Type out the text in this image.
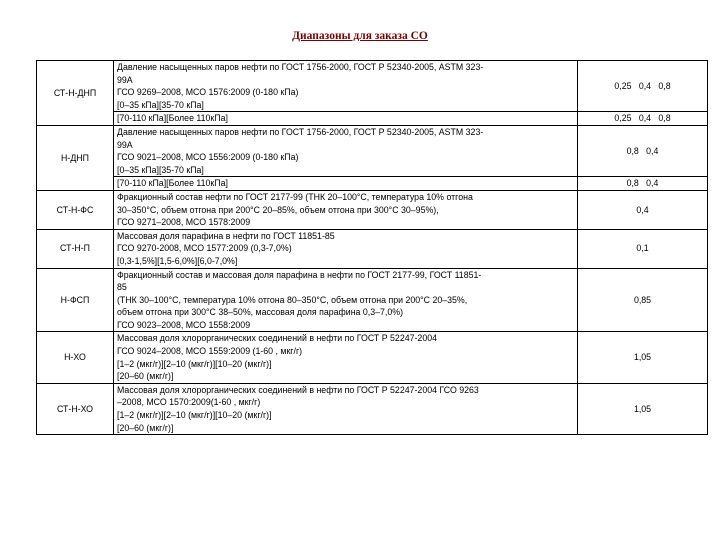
Диапазоны для заказа СО
СТ-Н-ДНП	Давление насыщенных паров нефти по ГОСТ 1756-2000, ГОСТ Р 52340-2005, ASTM 323-
99А
ГСО 9269–2008, МСО 1576:2009 (0-180 кПа)
[0–35 кПа][35-70 кПа]	0,25   0,4   0,8

	[70-110 кПа][Более 110кПа]	0,25   0,4   0,8
Н-ДНП	Давление насыщенных паров нефти по ГОСТ 1756-2000, ГОСТ Р 52340-2005, ASTM 323-
99А
ГСО 9021–2008, МСО 1556:2009 (0-180 кПа)
[0–35 кПа][35-70 кПа]	0,8   0,4

	[70-110 кПа][Более 110кПа]	0,8   0,4
СТ-Н-ФС	Фракционный состав нефти по ГОСТ 2177-99 (ТНК 20–100°С, температура 10% отгона
30–350°С, объем отгона при 200°С 20–85%, объем отгона при 300°С 30–95%),
ГСО 9271–2008, МСО 1578:2009	0,4
СТ-Н-П	Массовая доля парафина в нефти по ГОСТ 11851-85
ГСО 9270-2008, МСО 1577:2009 (0,3-7,0%)
[0,3-1,5%][1,5-6,0%][6,0-7,0%]	0,1
Н-ФСП	Фракционный состав и массовая доля парафина в нефти по ГОСТ 2177-99, ГОСТ 11851-
85
(ТНК 30–100°С, температура 10% отгона 80–350°С, объем отгона при 200°С 20–35%,
объем отгона при 300°С 38–50%, массовая доля парафина 0,3–7,0%)
ГСО 9023–2008, МСО 1558:2009	0,85
Н-ХО	Массовая доля хлорорганических соединений в нефти по ГОСТ Р 52247-2004
ГСО 9024–2008, МСО 1559:2009 (1-60 , мкг/г)
[1–2 (мкг/г)][2–10 (мкг/г)][10–20 (мкг/г)]
[20–60 (мкг/г)]	1,05
СТ-Н-ХО	Массовая доля хлорорганических соединений в нефти по ГОСТ Р 52247-2004 ГСО 9263
–2008, МСО 1570:2009(1-60 , мкг/г)
[1–2 (мкг/г)][2–10 (мкг/г)][10–20 (мкг/г)]
[20–60 (мкг/г)]	1,05
